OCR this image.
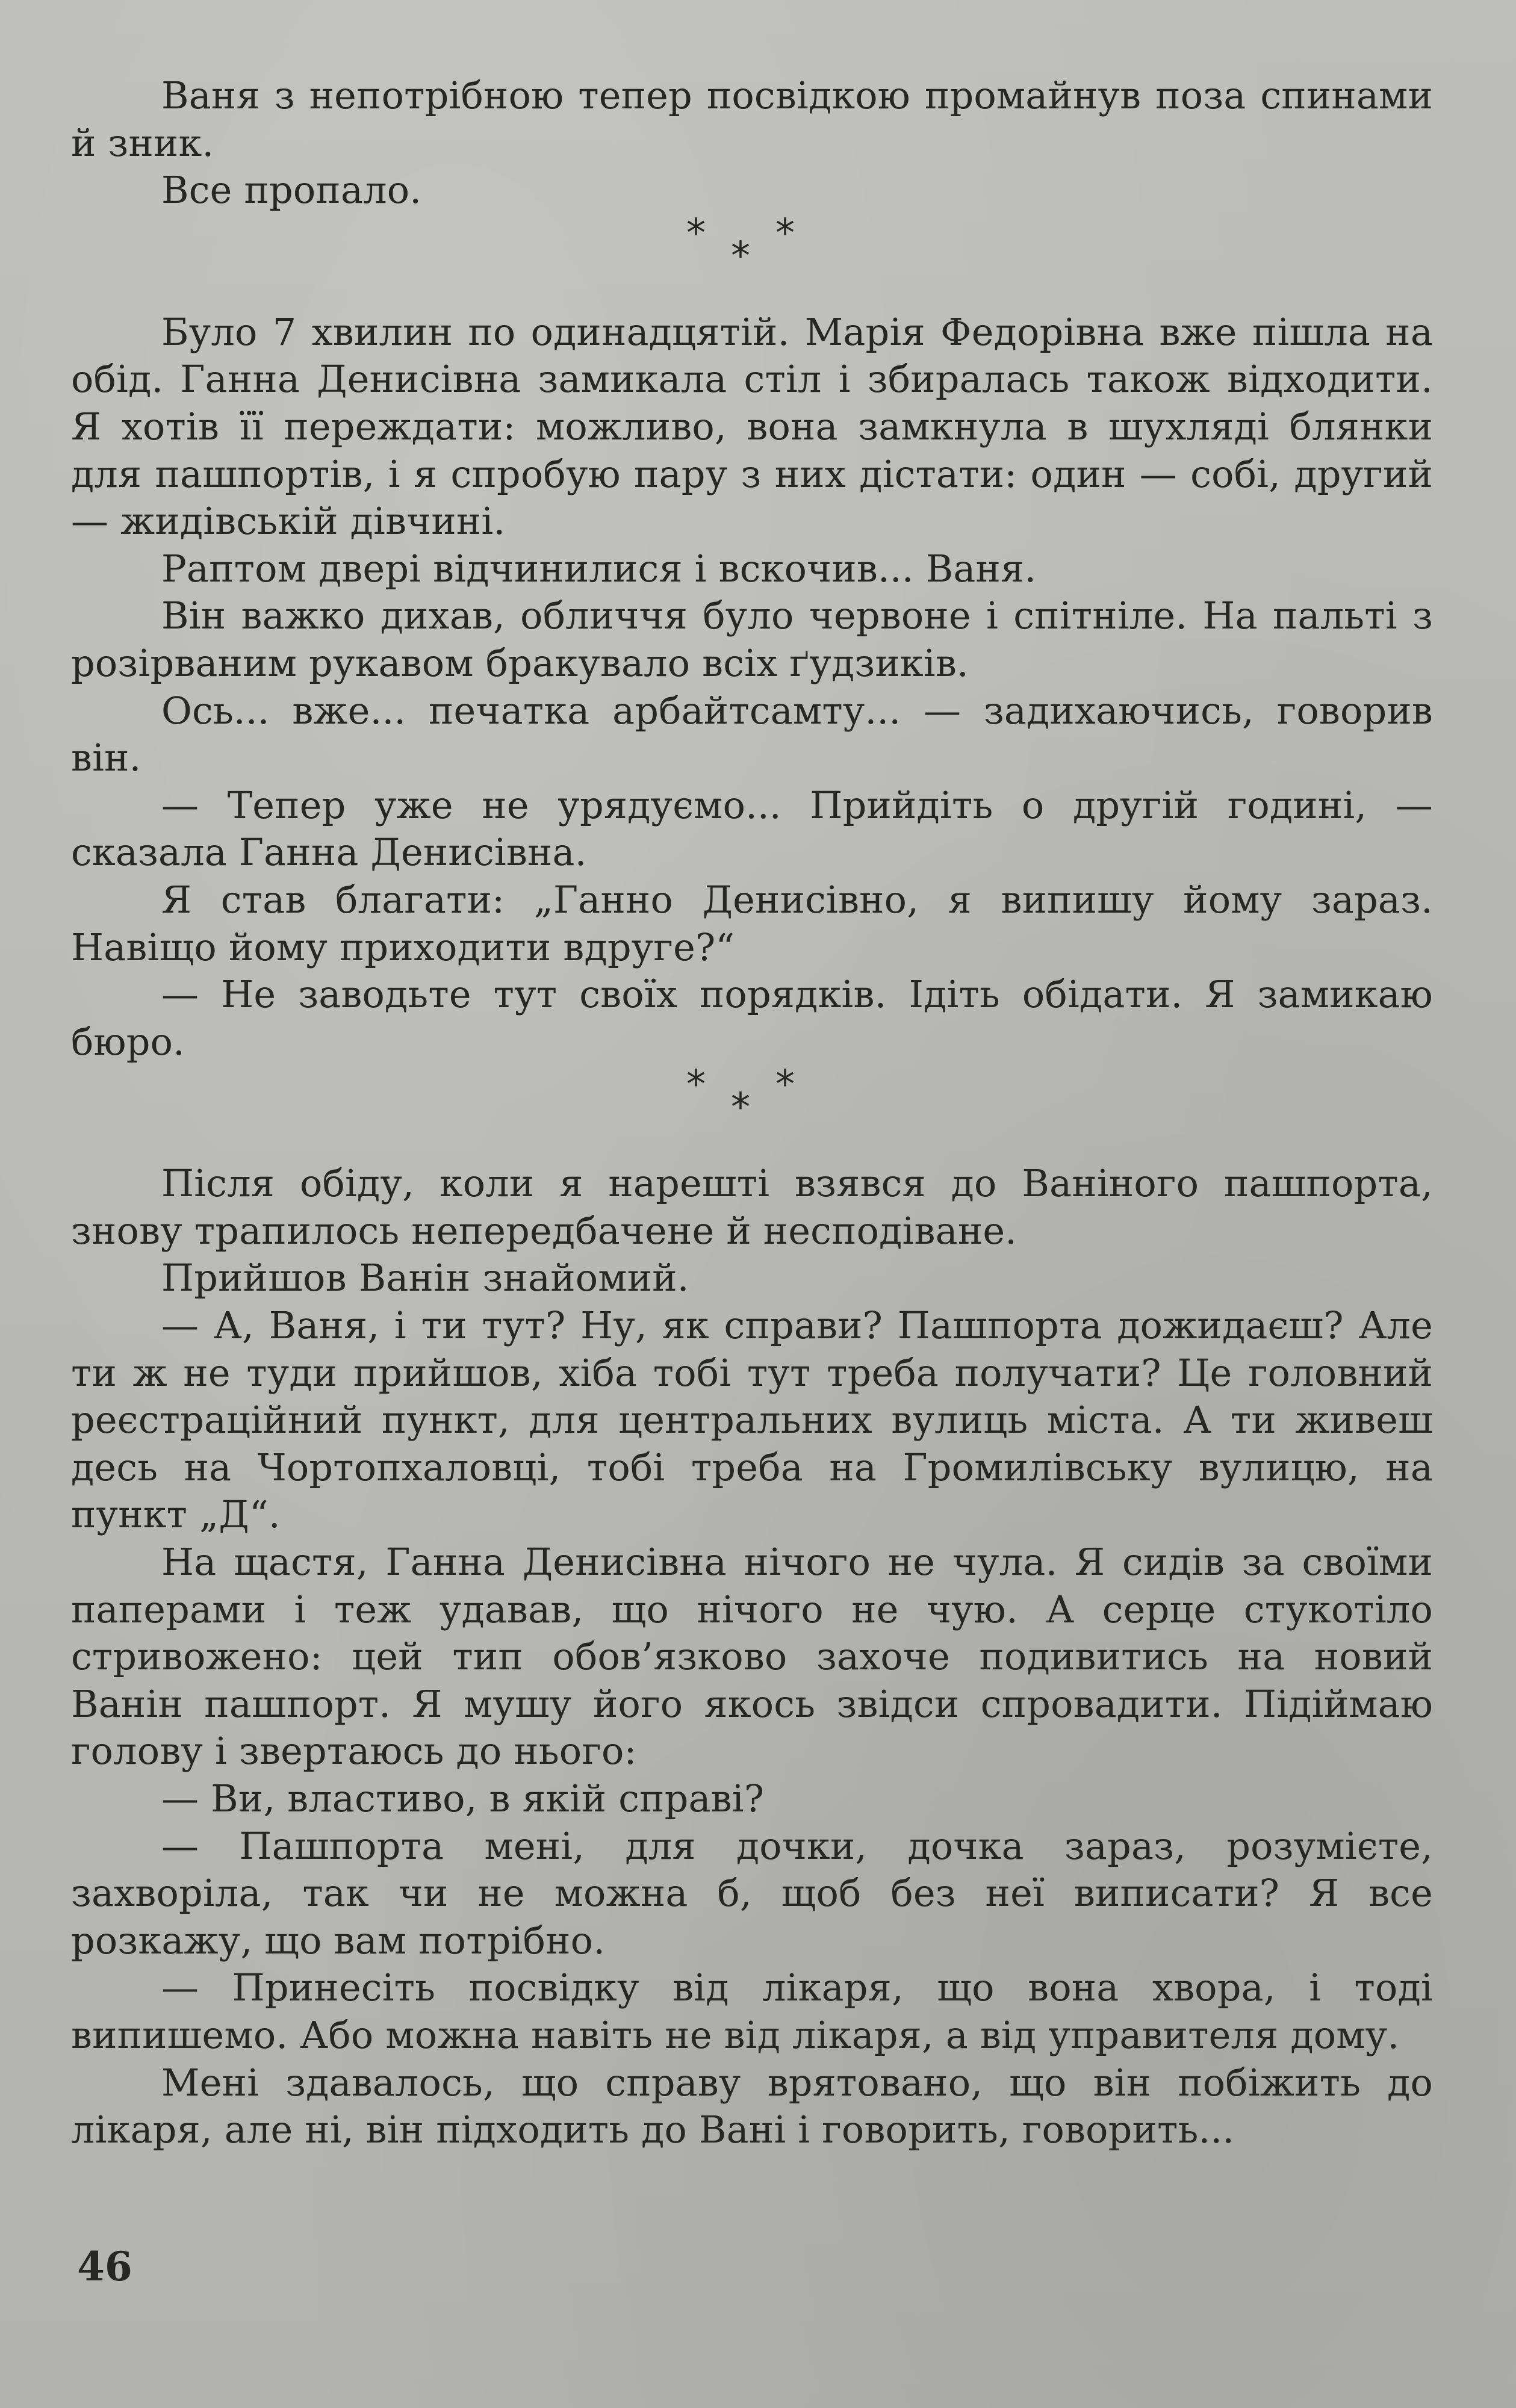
Ваня з непотрібною тепер посвідкою промайнув поза спинами й зник.

Все пропало.

* *
*

Було 7 хвилин по одинадцятій. Марія Федорівна вже пішла на обід. Ганна Денисівна замикала стіл і збиралась також відходити. Я хотів її переждати: можливо, вона замкнула в шухляді блянки для пашпортів, і я спробую пару з них дістати: один — собі, другий — жидівській дівчині.

Раптом двері відчинилися і вскочив... Ваня.

Він важко дихав, обличчя було червоне і спітніле. На пальті з розірваним рукавом бракувало всіх ґудзиків.

Ось... вже... печатка арбайтсамту... — задихаючись, говорив він.

— Тепер уже не урядуємо... Прийдіть о другій годині, — сказала Ганна Денисівна.

Я став благати: „Ганно Денисівно, я випишу йому зараз. Навіщо йому приходити вдруге?“

— Не заводьте тут своїх порядків. Ідіть обідати. Я замикаю бюро.

* *
*

Після обіду, коли я нарешті взявся до Ваніного пашпорта, знову трапилось непередбачене й несподіване.

Прийшов Ванін знайомий.

— А, Ваня, і ти тут? Ну, як справи? Пашпорта дожидаєш? Але ти ж не туди прийшов, хіба тобі тут треба получати? Це головний реєстраційний пункт, для центральних вулиць міста. А ти живеш десь на Чортопхаловці, тобі треба на Громилівську вулицю, на пункт „Д“.

На щастя, Ганна Денисівна нічого не чула. Я сидів за своїми паперами і теж удавав, що нічого не чую. А серце стукотіло стривожено: цей тип обов’язково захоче подивитись на новий Ванін пашпорт. Я мушу його якось звідси спровадити. Підіймаю голову і звертаюсь до нього:

— Ви, властиво, в якій справі?

— Пашпорта мені, для дочки, дочка зараз, розумієте, захворіла, так чи не можна б, щоб без неї виписати? Я все розкажу, що вам потрібно.

— Принесіть посвідку від лікаря, що вона хвора, і тоді випишемо. Або можна навіть не від лікаря, а від управителя дому.

Мені здавалось, що справу врятовано, що він побіжить до лікаря, але ні, він підходить до Вані і говорить, говорить...

46
